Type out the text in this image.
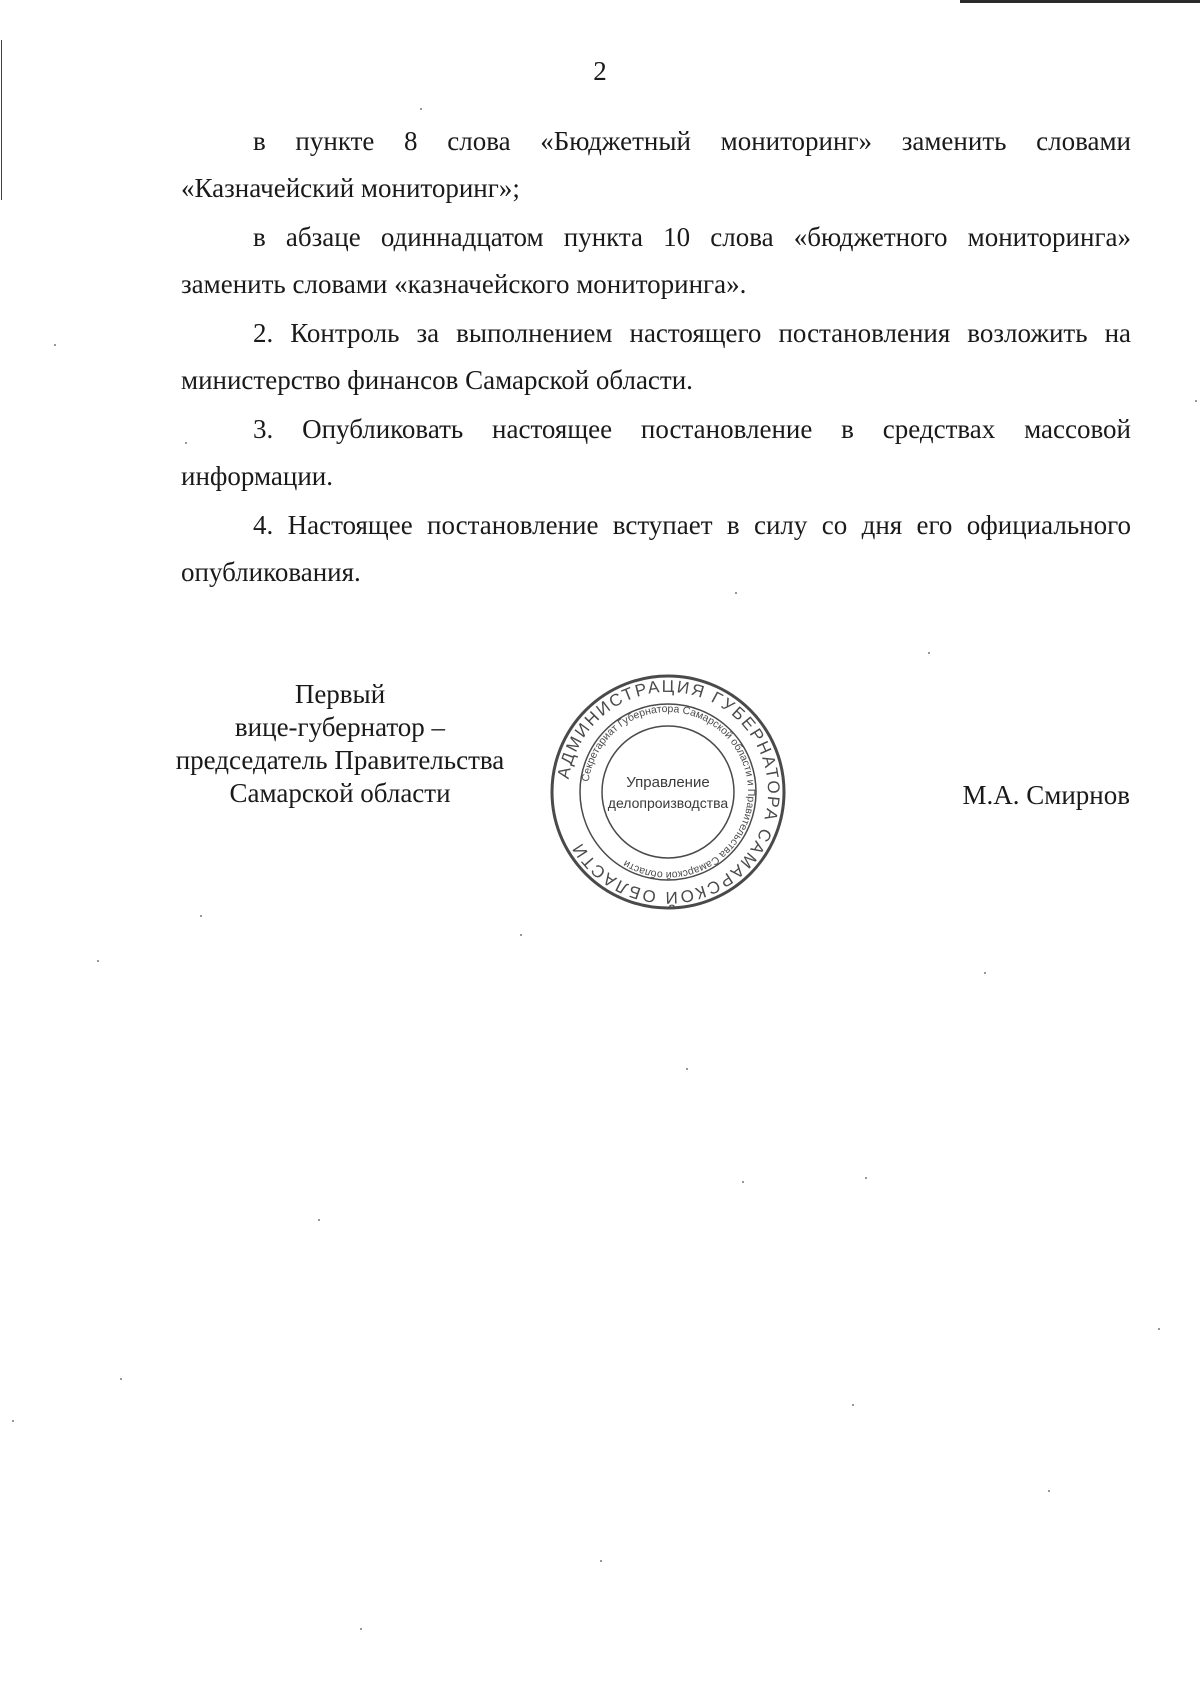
2

в пункте 8 слова «Бюджетный мониторинг» заменить словами «Казначейский мониторинг»;

в абзаце одиннадцатом пункта 10 слова «бюджетного мониторинга» заменить словами «казначейского мониторинга».

2. Контроль за выполнением настоящего постановления возложить на министерство финансов Самарской области.

3. Опубликовать настоящее постановление в средствах массовой информации.

4. Настоящее постановление вступает в силу со дня его официального опубликования.

Первый
вице-губернатор –
председатель Правительства
Самарской области
АДМИНИСТРАЦИЯ ГУБЕРНАТОРА САМАРСКОЙ ОБЛАСТИ
Секретариат Губернатора Самарской области и Правительства Самарской области
Управление
делопроизводства	М.А. Смирнов
